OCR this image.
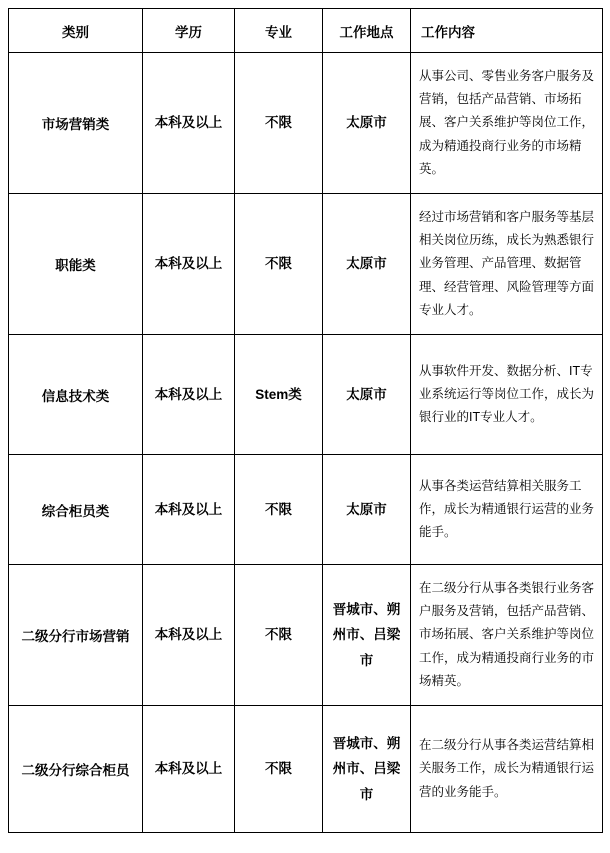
类别	学历	专业	工作地点	工作内容
市场营销类	本科及以上	不限	太原市	从事公司、零售业务客户服务及营销，包括产品营销、市场拓展、客户关系维护等岗位工作，成为精通投商行业务的市场精英。
职能类	本科及以上	不限	太原市	经过市场营销和客户服务等基层相关岗位历练，成长为熟悉银行业务管理、产品管理、数据管理、经营管理、风险管理等方面专业人才。
信息技术类	本科及以上	Stem类	太原市	从事软件开发、数据分析、IT专业系统运行等岗位工作，成长为银行业的IT专业人才。
综合柜员类	本科及以上	不限	太原市	从事各类运营结算相关服务工作，成长为精通银行运营的业务能手。
二级分行市场营销	本科及以上	不限	晋城市、朔州市、吕梁市	在二级分行从事各类银行业务客户服务及营销，包括产品营销、市场拓展、客户关系维护等岗位工作，成为精通投商行业务的市场精英。
二级分行综合柜员	本科及以上	不限	晋城市、朔州市、吕梁市	在二级分行从事各类运营结算相关服务工作，成长为精通银行运营的业务能手。
